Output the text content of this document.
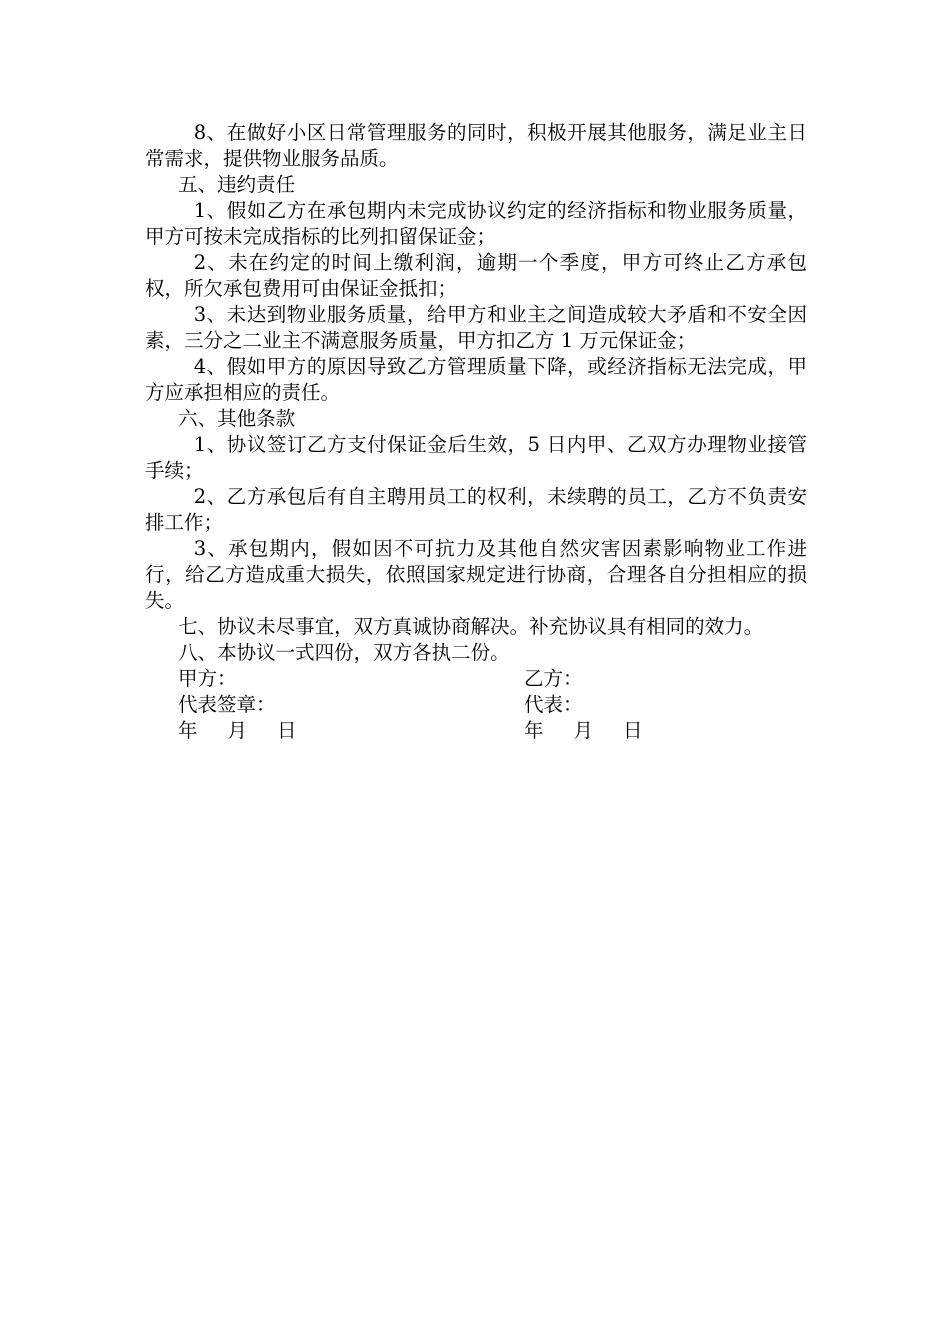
8、在做好小区日常管理服务的同时，积极开展其他服务，满足业主日常需求，提供物业服务品质。

五、违约责任

1、假如乙方在承包期内未完成协议约定的经济指标和物业服务质量，甲方可按未完成指标的比列扣留保证金；

2、未在约定的时间上缴利润，逾期一个季度，甲方可终止乙方承包权，所欠承包费用可由保证金抵扣；

3、未达到物业服务质量，给甲方和业主之间造成较大矛盾和不安全因素，三分之二业主不满意服务质量，甲方扣乙方 1 万元保证金；

4、假如甲方的原因导致乙方管理质量下降，或经济指标无法完成，甲方应承担相应的责任。

六、其他条款

1、协议签订乙方支付保证金后生效，5 日内甲、乙双方办理物业接管手续；

2、乙方承包后有自主聘用员工的权利，未续聘的员工，乙方不负责安排工作；

3、承包期内，假如因不可抗力及其他自然灾害因素影响物业工作进行，给乙方造成重大损失，依照国家规定进行协商，合理各自分担相应的损失。

七、协议未尽事宜，双方真诚协商解决。补充协议具有相同的效力。

八、本协议一式四份，双方各执二份。

甲方：	乙方：
代表签章：	代表：
年 月 日	年 月 日
